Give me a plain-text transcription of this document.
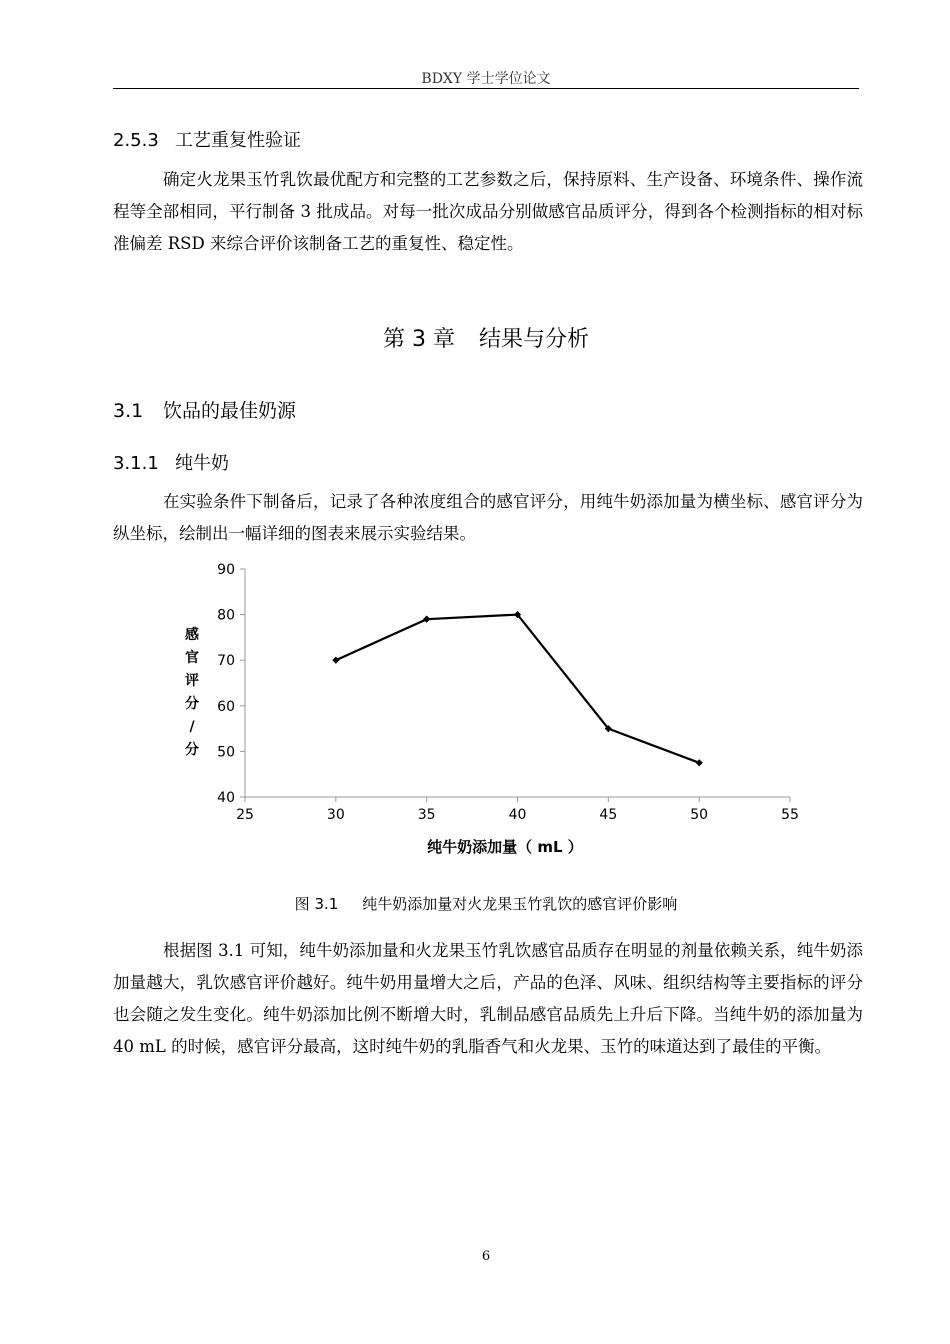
BDXY 学士学位论文
2.5.3 工艺重复性验证
确定火龙果玉竹乳饮最优配方和完整的工艺参数之后，保持原料、生产设备、环境条件、操作流程等全部相同，平行制备 3 批成品。对每一批次成品分别做感官品质评分，得到各个检测指标的相对标准偏差 RSD 来综合评价该制备工艺的重复性、稳定性。
第 3 章 结果与分析
3.1 饮品的最佳奶源
3.1.1 纯牛奶
在实验条件下制备后，记录了各种浓度组合的感官评分，用纯牛奶添加量为横坐标、感官评分为纵坐标，绘制出一幅详细的图表来展示实验结果。
40
50
60
70
80
90
25	30	35	40	45	50	55
感
官
评
分
/
分
纯牛奶添加量（ mL ）
图 3.1 纯牛奶添加量对火龙果玉竹乳饮的感官评价影响
根据图 3.1 可知，纯牛奶添加量和火龙果玉竹乳饮感官品质存在明显的剂量依赖关系，纯牛奶添加量越大，乳饮感官评价越好。纯牛奶用量增大之后，产品的色泽、风味、组织结构等主要指标的评分也会随之发生变化。纯牛奶添加比例不断增大时，乳制品感官品质先上升后下降。当纯牛奶的添加量为 40 mL 的时候，感官评分最高，这时纯牛奶的乳脂香气和火龙果、玉竹的味道达到了最佳的平衡。
6
